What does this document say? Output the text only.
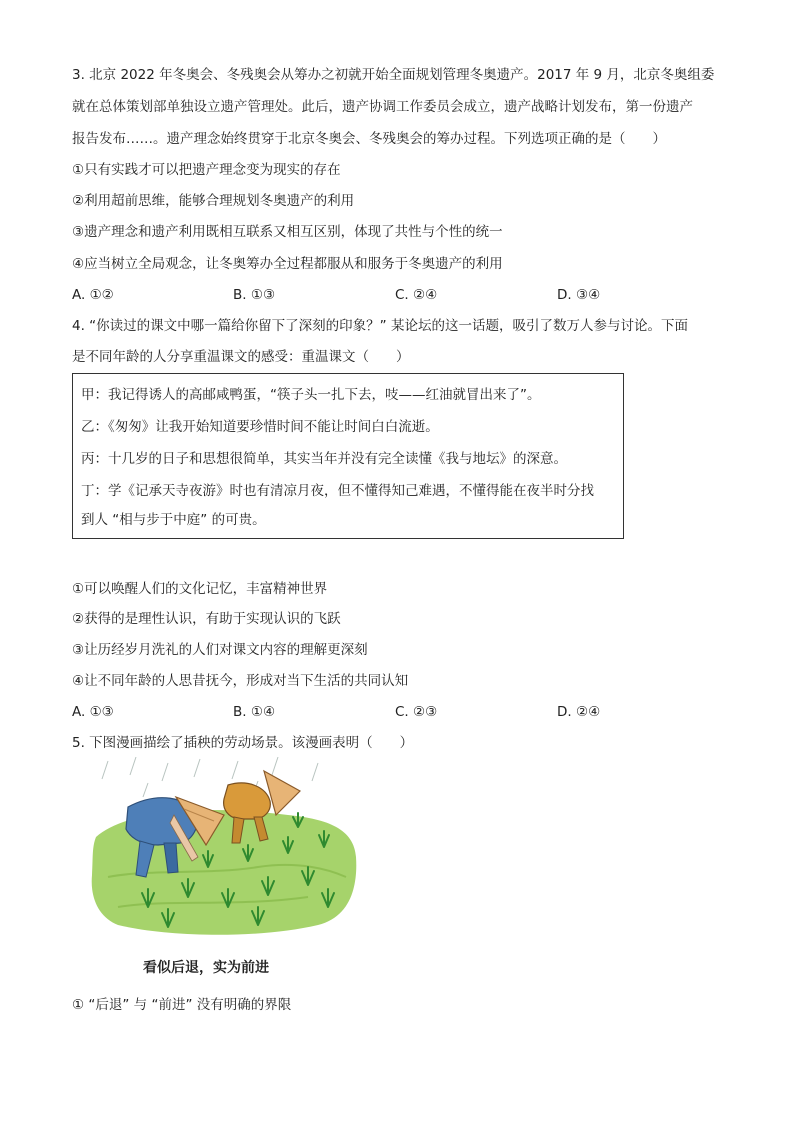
3. 北京 2022 年冬奥会、冬残奥会从筹办之初就开始全面规划管理冬奥遗产。2017 年 9 月，北京冬奥组委
就在总体策划部单独设立遗产管理处。此后，遗产协调工作委员会成立，遗产战略计划发布，第一份遗产
报告发布……。遗产理念始终贯穿于北京冬奥会、冬残奥会的筹办过程。下列选项正确的是（　　）
①只有实践才可以把遗产理念变为现实的存在
②利用超前思维，能够合理规划冬奥遗产的利用
③遗产理念和遗产利用既相互联系又相互区别，体现了共性与个性的统一
④应当树立全局观念，让冬奥筹办全过程都服从和服务于冬奥遗产的利用
A. ①②	B. ①③	C. ②④	D. ③④
4. “你读过的课文中哪一篇给你留下了深刻的印象？” 某论坛的这一话题，吸引了数万人参与讨论。下面
是不同年龄的人分享重温课文的感受：重温课文（　　）
甲：我记得诱人的高邮咸鸭蛋，“筷子头一扎下去，吱——红油就冒出来了”。
乙：《匆匆》让我开始知道要珍惜时间不能让时间白白流逝。
丙：十几岁的日子和思想很简单，其实当年并没有完全读懂《我与地坛》的深意。
丁：学《记承天寺夜游》时也有清凉月夜，但不懂得知己难遇，不懂得能在夜半时分找
到人 “相与步于中庭” 的可贵。
①可以唤醒人们的文化记忆，丰富精神世界
②获得的是理性认识，有助于实现认识的飞跃
③让历经岁月洗礼的人们对课文内容的理解更深刻
④让不同年龄的人思昔抚今，形成对当下生活的共同认知
A. ①③	B. ①④	C. ②③	D. ②④
5. 下图漫画描绘了插秧的劳动场景。该漫画表明（　　）
看似后退，实为前进
① “后退” 与 “前进” 没有明确的界限
